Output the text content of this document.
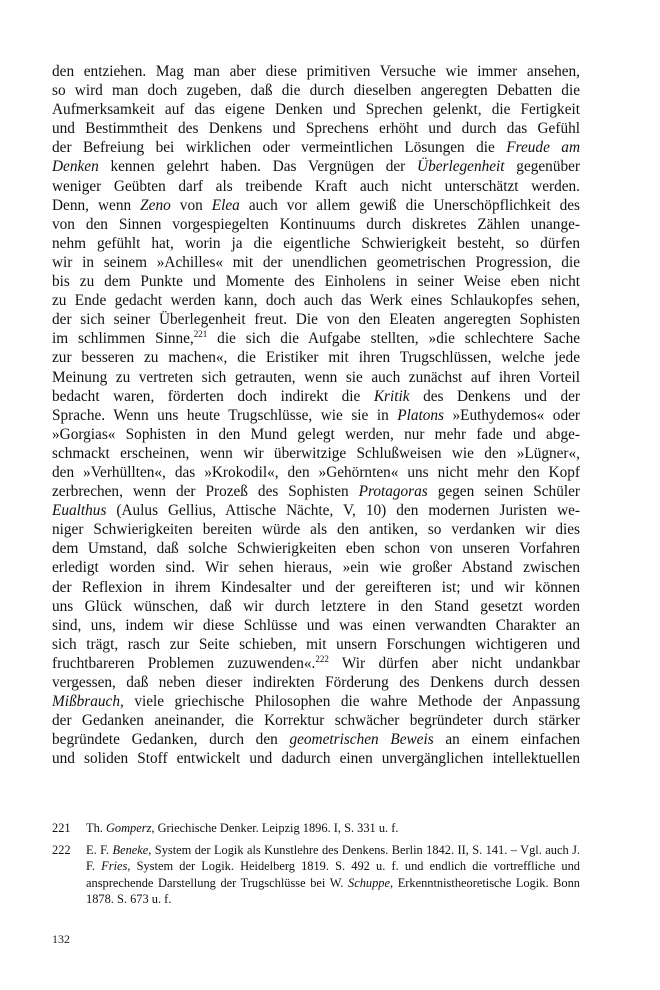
den entziehen. Mag man aber diese primitiven Versuche wie immer ansehen,
so wird man doch zugeben, daß die durch dieselben angeregten Debatten die
Aufmerksamkeit auf das eigene Denken und Sprechen gelenkt, die Fertigkeit
und Bestimmtheit des Denkens und Sprechens erhöht und durch das Gefühl
der Befreiung bei wirklichen oder vermeintlichen Lösungen die Freude am
Denken kennen gelehrt haben. Das Vergnügen der Überlegenheit gegenüber
weniger Geübten darf als treibende Kraft auch nicht unterschätzt werden.
Denn, wenn Zeno von Elea auch vor allem gewiß die Unerschöpflichkeit des
von den Sinnen vorgespiegelten Kontinuums durch diskretes Zählen unange-
nehm gefühlt hat, worin ja die eigentliche Schwierigkeit besteht, so dürfen
wir in seinem »Achilles« mit der unendlichen geometrischen Progression, die
bis zu dem Punkte und Momente des Einholens in seiner Weise eben nicht
zu Ende gedacht werden kann, doch auch das Werk eines Schlaukopfes sehen,
der sich seiner Überlegenheit freut. Die von den Eleaten angeregten Sophisten
im schlimmen Sinne,$^{221}$ die sich die Aufgabe stellten, »die schlechtere Sache
zur besseren zu machen«, die Eristiker mit ihren Trugschlüssen, welche jede
Meinung zu vertreten sich getrauten, wenn sie auch zunächst auf ihren Vorteil
bedacht waren, förderten doch indirekt die Kritik des Denkens und der
Sprache. Wenn uns heute Trugschlüsse, wie sie in Platons »Euthydemos« oder
»Gorgias« Sophisten in den Mund gelegt werden, nur mehr fade und abge-
schmackt erscheinen, wenn wir überwitzige Schlußweisen wie den »Lügner«,
den »Verhüllten«, das »Krokodil«, den »Gehörnten« uns nicht mehr den Kopf
zerbrechen, wenn der Prozeß des Sophisten Protagoras gegen seinen Schüler
Eualthus (Aulus Gellius, Attische Nächte, V, 10) den modernen Juristen we-
niger Schwierigkeiten bereiten würde als den antiken, so verdanken wir dies
dem Umstand, daß solche Schwierigkeiten eben schon von unseren Vorfahren
erledigt worden sind. Wir sehen hieraus, »ein wie großer Abstand zwischen
der Reflexion in ihrem Kindesalter und der gereifteren ist; und wir können
uns Glück wünschen, daß wir durch letztere in den Stand gesetzt worden
sind, uns, indem wir diese Schlüsse und was einen verwandten Charakter an
sich trägt, rasch zur Seite schieben, mit unsern Forschungen wichtigeren und
fruchtbareren Problemen zuzuwenden«.$^{222}$ Wir dürfen aber nicht undankbar
vergessen, daß neben dieser indirekten Förderung des Denkens durch dessen
Mißbrauch, viele griechische Philosophen die wahre Methode der Anpassung
der Gedanken aneinander, die Korrektur schwächer begründeter durch stärker
begründete Gedanken, durch den geometrischen Beweis an einem einfachen
und soliden Stoff entwickelt und dadurch einen unvergänglichen intellektuellen
221 Th. Gomperz, Griechische Denker. Leipzig 1896. I, S. 331 u. f.
222 E. F. Beneke, System der Logik als Kunstlehre des Denkens. Berlin 1842. II, S. 141. – Vgl. auch J. F. Fries, System der Logik. Heidelberg 1819. S. 492 u. f. und endlich die vortreffliche und ansprechende Darstellung der Trugschlüsse bei W. Schuppe, Erkenntnistheoretische Logik. Bonn 1878. S. 673 u. f.
132
